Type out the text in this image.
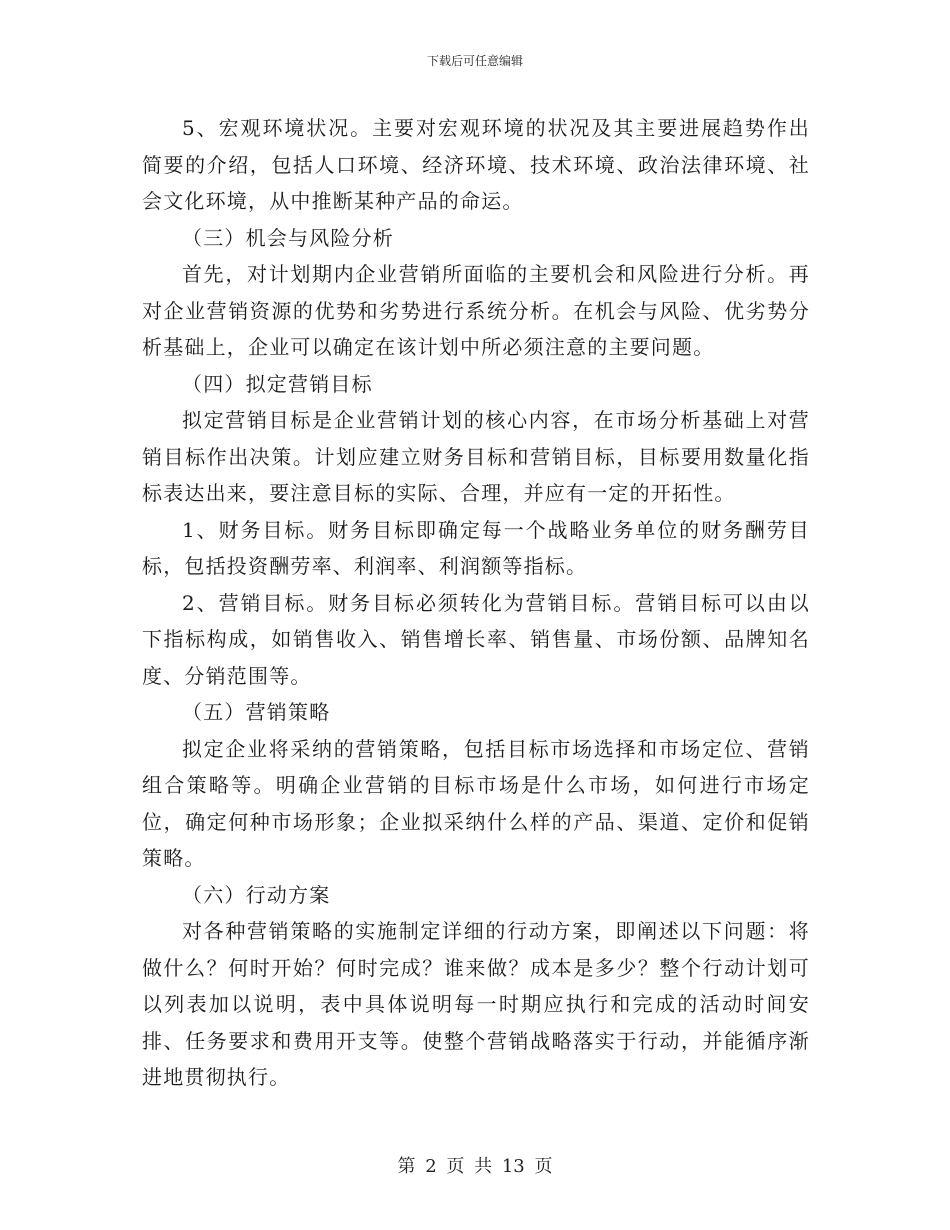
下载后可任意编辑

5、宏观环境状况。主要对宏观环境的状况及其主要进展趋势作出简要的介绍，包括人口环境、经济环境、技术环境、政治法律环境、社会文化环境，从中推断某种产品的命运。

（三）机会与风险分析

首先，对计划期内企业营销所面临的主要机会和风险进行分析。再对企业营销资源的优势和劣势进行系统分析。在机会与风险、优劣势分析基础上，企业可以确定在该计划中所必须注意的主要问题。

（四）拟定营销目标

拟定营销目标是企业营销计划的核心内容，在市场分析基础上对营销目标作出决策。计划应建立财务目标和营销目标，目标要用数量化指标表达出来，要注意目标的实际、合理，并应有一定的开拓性。

1、财务目标。财务目标即确定每一个战略业务单位的财务酬劳目标，包括投资酬劳率、利润率、利润额等指标。

2、营销目标。财务目标必须转化为营销目标。营销目标可以由以下指标构成，如销售收入、销售增长率、销售量、市场份额、品牌知名度、分销范围等。

（五）营销策略

拟定企业将采纳的营销策略，包括目标市场选择和市场定位、营销组合策略等。明确企业营销的目标市场是什么市场，如何进行市场定位，确定何种市场形象；企业拟采纳什么样的产品、渠道、定价和促销策略。

（六）行动方案

对各种营销策略的实施制定详细的行动方案，即阐述以下问题：将做什么？何时开始？何时完成？谁来做？成本是多少？整个行动计划可以列表加以说明，表中具体说明每一时期应执行和完成的活动时间安排、任务要求和费用开支等。使整个营销战略落实于行动，并能循序渐进地贯彻执行。

第 2 页 共 13 页
